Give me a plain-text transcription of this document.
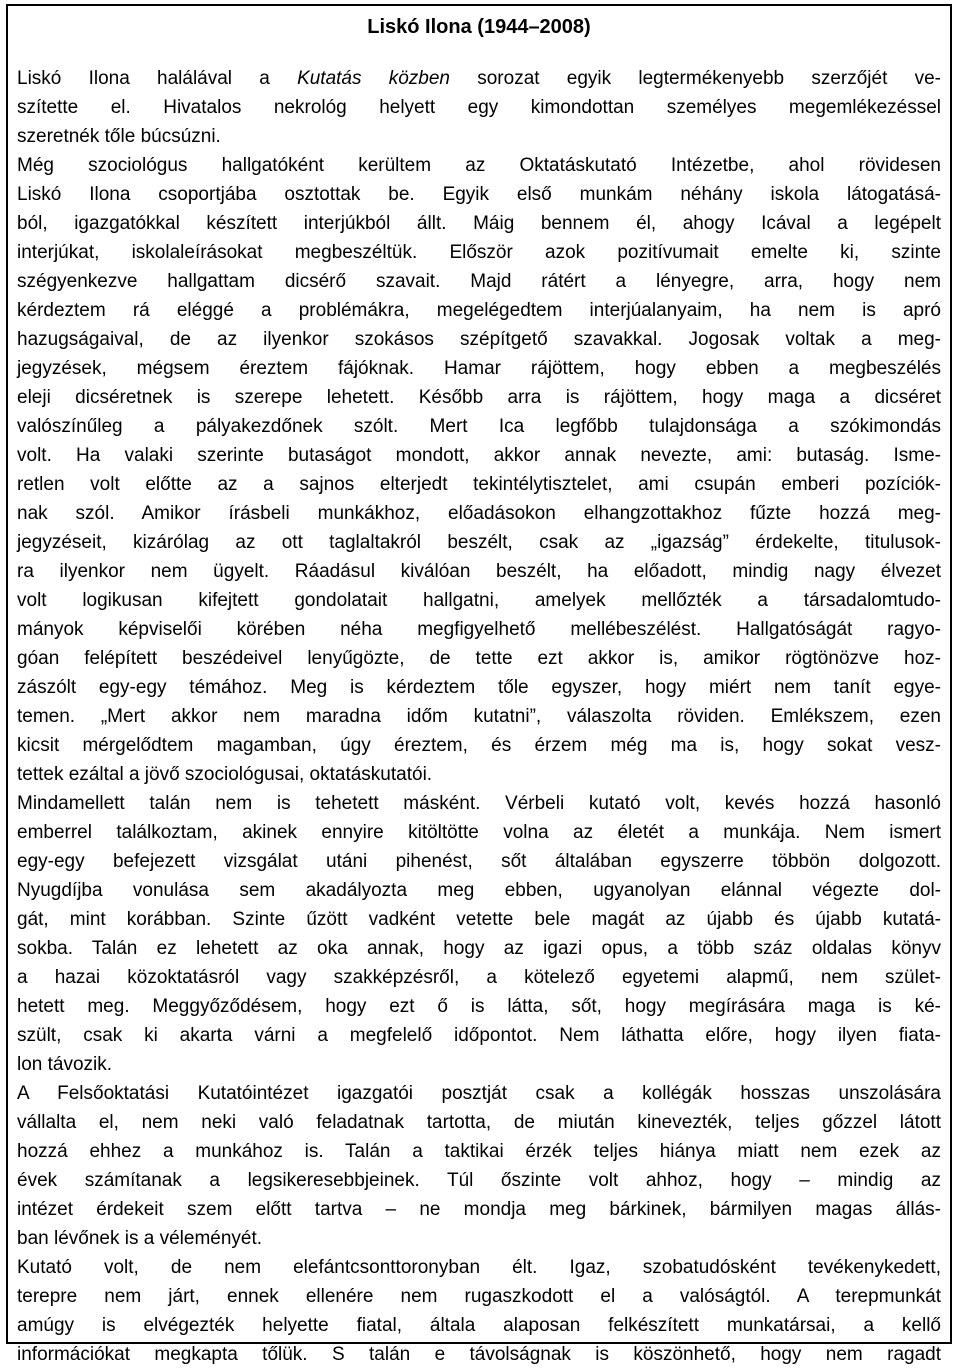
Liskó Ilona (1944–2008)
Liskó Ilona halálával a Kutatás közben sorozat egyik legtermékenyebb szerzőjét ve-
szítette el. Hivatalos nekrológ helyett egy kimondottan személyes megemlékezéssel
szeretnék tőle búcsúzni.
Még szociológus hallgatóként kerültem az Oktatáskutató Intézetbe, ahol rövidesen
Liskó Ilona csoportjába osztottak be. Egyik első munkám néhány iskola látogatásá-
ból, igazgatókkal készített interjúkból állt. Máig bennem él, ahogy Icával a legépelt
interjúkat, iskolaleírásokat megbeszéltük. Először azok pozitívumait emelte ki, szinte
szégyenkezve hallgattam dicsérő szavait. Majd rátért a lényegre, arra, hogy nem
kérdeztem rá eléggé a problémákra, megelégedtem interjúalanyaim, ha nem is apró
hazugságaival, de az ilyenkor szokásos szépítgető szavakkal. Jogosak voltak a meg-
jegyzések, mégsem éreztem fájóknak. Hamar rájöttem, hogy ebben a megbeszélés
eleji dicséretnek is szerepe lehetett. Később arra is rájöttem, hogy maga a dicséret
valószínűleg a pályakezdőnek szólt. Mert Ica legfőbb tulajdonsága a szókimondás
volt. Ha valaki szerinte butaságot mondott, akkor annak nevezte, ami: butaság. Isme-
retlen volt előtte az a sajnos elterjedt tekintélytisztelet, ami csupán emberi pozíciók-
nak szól. Amikor írásbeli munkákhoz, előadásokon elhangzottakhoz fűzte hozzá meg-
jegyzéseit, kizárólag az ott taglaltakról beszélt, csak az „igazság” érdekelte, titulusok-
ra ilyenkor nem ügyelt. Ráadásul kiválóan beszélt, ha előadott, mindig nagy élvezet
volt logikusan kifejtett gondolatait hallgatni, amelyek mellőzték a társadalomtudo-
mányok képviselői körében néha megfigyelhető mellébeszélést. Hallgatóságát ragyo-
góan felépített beszédeivel lenyűgözte, de tette ezt akkor is, amikor rögtönözve hoz-
zászólt egy-egy témához. Meg is kérdeztem tőle egyszer, hogy miért nem tanít egye-
temen. „Mert akkor nem maradna időm kutatni”, válaszolta röviden. Emlékszem, ezen
kicsit mérgelődtem magamban, úgy éreztem, és érzem még ma is, hogy sokat vesz-
tettek ezáltal a jövő szociológusai, oktatáskutatói.
Mindamellett talán nem is tehetett másként. Vérbeli kutató volt, kevés hozzá hasonló
emberrel találkoztam, akinek ennyire kitöltötte volna az életét a munkája. Nem ismert
egy-egy befejezett vizsgálat utáni pihenést, sőt általában egyszerre többön dolgozott.
Nyugdíjba vonulása sem akadályozta meg ebben, ugyanolyan elánnal végezte dol-
gát, mint korábban. Szinte űzött vadként vetette bele magát az újabb és újabb kutatá-
sokba. Talán ez lehetett az oka annak, hogy az igazi opus, a több száz oldalas könyv
a hazai közoktatásról vagy szakképzésről, a kötelező egyetemi alapmű, nem szület-
hetett meg. Meggyőződésem, hogy ezt ő is látta, sőt, hogy megírására maga is ké-
szült, csak ki akarta várni a megfelelő időpontot. Nem láthatta előre, hogy ilyen fiata-
lon távozik.
A Felsőoktatási Kutatóintézet igazgatói posztját csak a kollégák hosszas unszolására
vállalta el, nem neki való feladatnak tartotta, de miután kinevezték, teljes gőzzel látott
hozzá ehhez a munkához is. Talán a taktikai érzék teljes hiánya miatt nem ezek az
évek számítanak a legsikeresebbjeinek. Túl őszinte volt ahhoz, hogy – mindig az
intézet érdekeit szem előtt tartva – ne mondja meg bárkinek, bármilyen magas állás-
ban lévőnek is a véleményét.
Kutató volt, de nem elefántcsonttoronyban élt. Igaz, szobatudósként tevékenykedett,
terepre nem járt, ennek ellenére nem rugaszkodott el a valóságtól. A terepmunkát
amúgy is elvégezték helyette fiatal, általa alaposan felkészített munkatársai, a kellő
információkat megkapta tőlük. S talán e távolságnak is köszönhető, hogy nem ragadt
